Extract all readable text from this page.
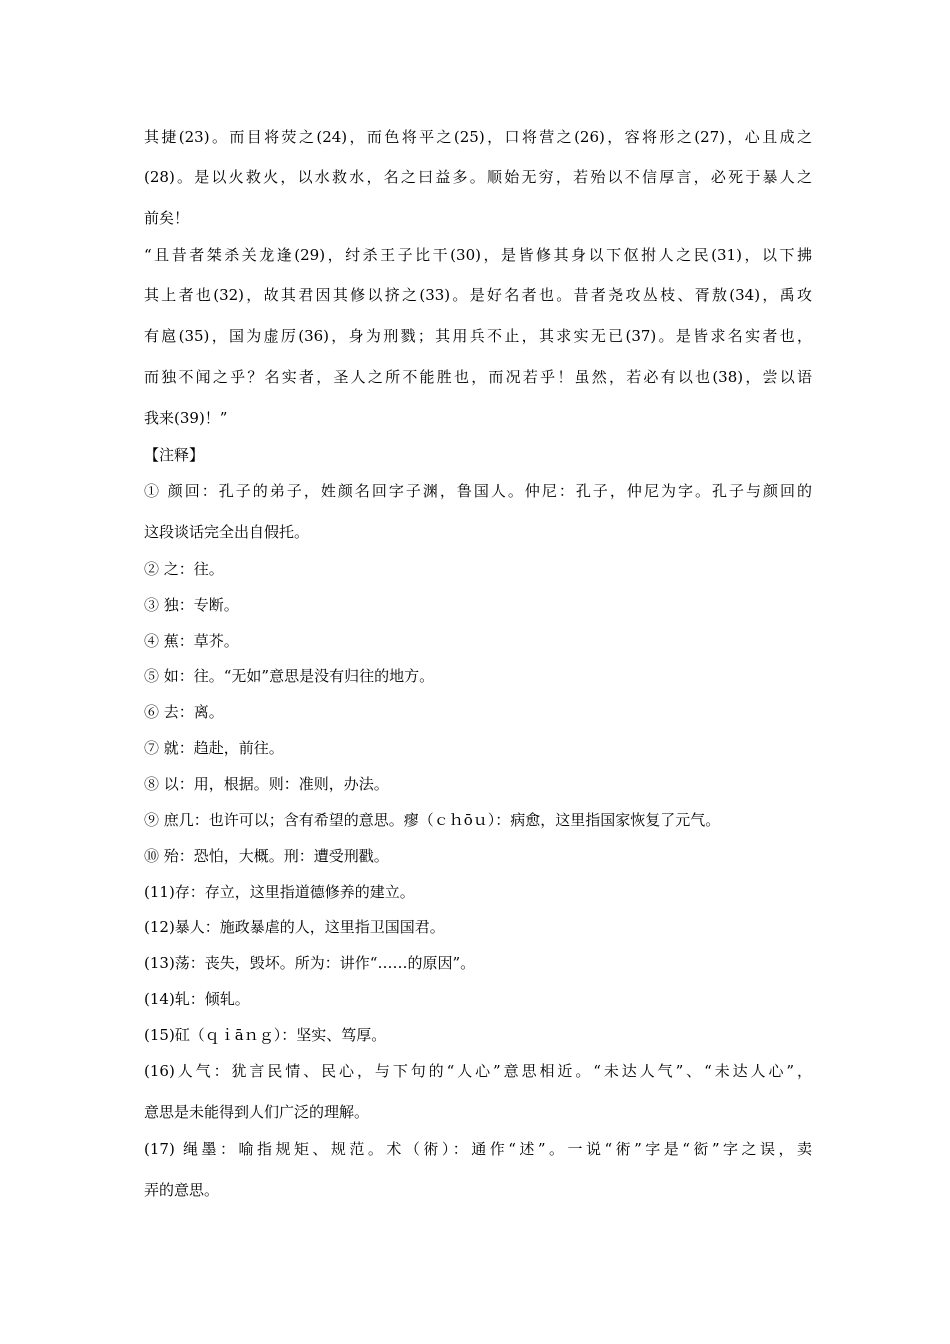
其捷(23)。而目将荧之(24)，而色将平之(25)，口将营之(26)，容将形之(27)，心且成之
(28)。是以火救火，以水救水，名之曰益多。顺始无穷，若殆以不信厚言，必死于暴人之
前矣！
“且昔者桀杀关龙逢(29)，纣杀王子比干(30)，是皆修其身以下伛拊人之民(31)，以下拂
其上者也(32)，故其君因其修以挤之(33)。是好名者也。昔者尧攻丛枝、胥敖(34)，禹攻
有扈(35)，国为虚厉(36)，身为刑戮；其用兵不止，其求实无已(37)。是皆求名实者也，
而独不闻之乎？名实者，圣人之所不能胜也，而况若乎！虽然，若必有以也(38)，尝以语
我来(39)！”
【注释】
① 颜回：孔子的弟子，姓颜名回字子渊，鲁国人。仲尼：孔子，仲尼为字。孔子与颜回的
这段谈话完全出自假托。
② 之：往。
③ 独：专断。
④ 蕉：草芥。
⑤ 如：往。“无如”意思是没有归往的地方。
⑥ 去：离。
⑦ 就：趋赴，前往。
⑧ 以：用，根据。则：准则，办法。
⑨ 庶几：也许可以；含有希望的意思。瘳（ｃｈōｕ）：病愈，这里指国家恢复了元气。
⑩ 殆：恐怕，大概。刑：遭受刑戳。
(11)存：存立，这里指道德修养的建立。
(12)暴人：施政暴虐的人，这里指卫国国君。
(13)荡：丧失，毁坏。所为：讲作“……的原因”。
(14)轧：倾轧。
(15)矼（ｑｉāｎｇ）：坚实、笃厚。
(16)人气：犹言民情、民心，与下句的“人心”意思相近。“未达人气”、“未达人心”，
意思是未能得到人们广泛的理解。
(17) 绳墨：喻指规矩、规范。术（術）：通作“述”。一说“術”字是“衒”字之误，卖
弄的意思。
